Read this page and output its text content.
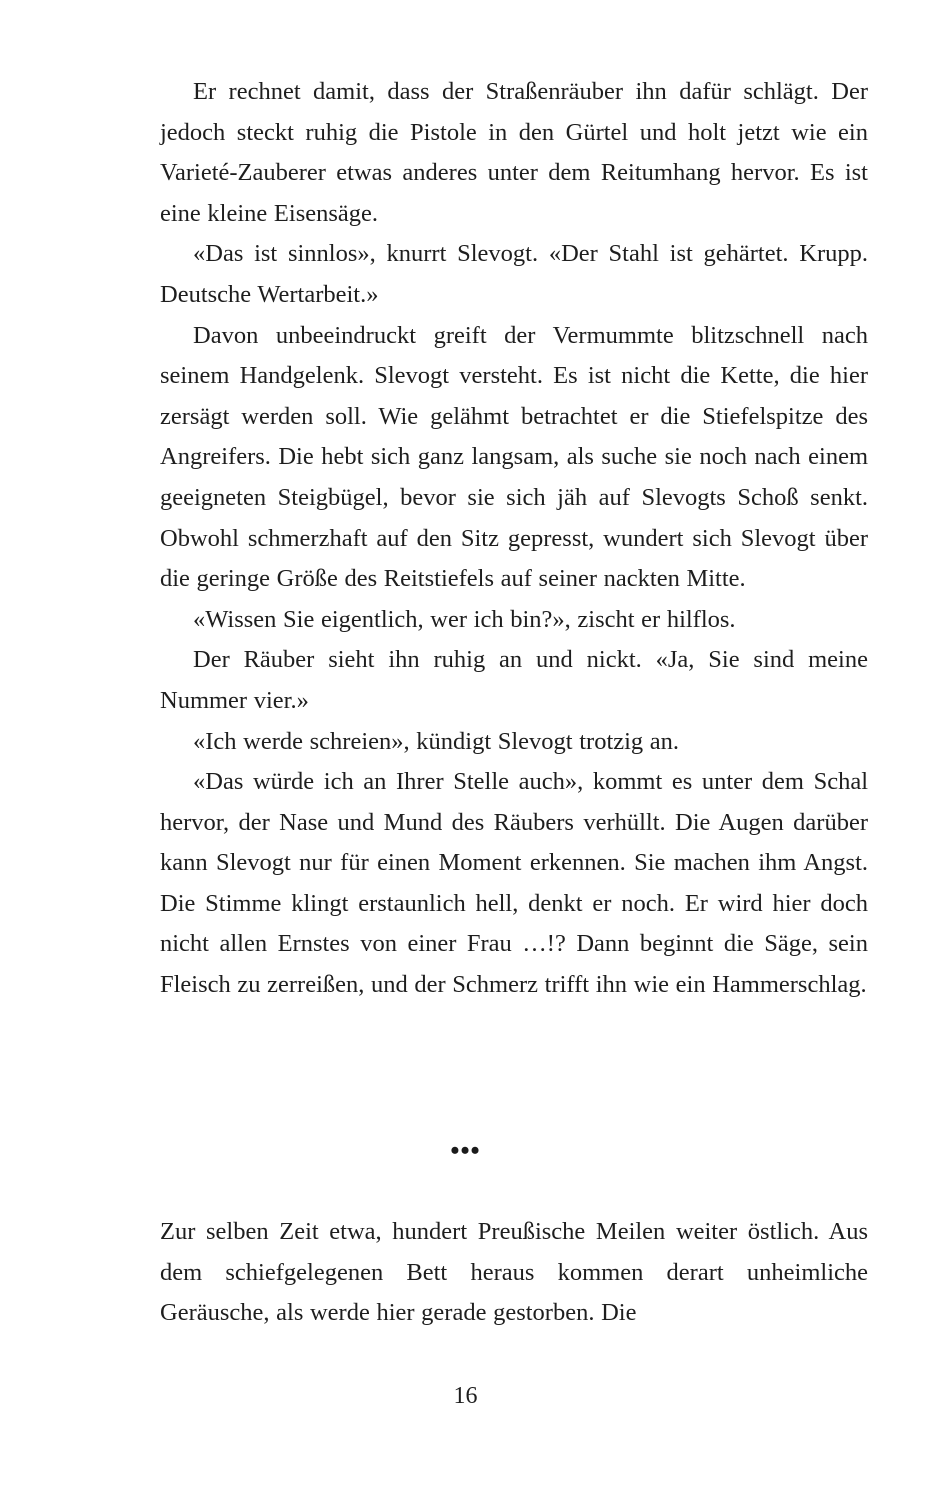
Er rechnet damit, dass der Straßenräuber ihn dafür schlägt. Der jedoch steckt ruhig die Pistole in den Gürtel und holt jetzt wie ein Varieté-Zauberer etwas anderes unter dem Reitumhang hervor. Es ist eine kleine Eisensäge.

«Das ist sinnlos», knurrt Slevogt. «Der Stahl ist gehärtet. Krupp. Deutsche Wertarbeit.»

Davon unbeeindruckt greift der Vermummte blitzschnell nach seinem Handgelenk. Slevogt versteht. Es ist nicht die Kette, die hier zersägt werden soll. Wie gelähmt betrachtet er die Stiefelspitze des Angreifers. Die hebt sich ganz langsam, als suche sie noch nach einem geeigneten Steigbügel, bevor sie sich jäh auf Slevogts Schoß senkt. Obwohl schmerzhaft auf den Sitz gepresst, wundert sich Slevogt über die geringe Größe des Reitstiefels auf seiner nackten Mitte.

«Wissen Sie eigentlich, wer ich bin?», zischt er hilflos.

Der Räuber sieht ihn ruhig an und nickt. «Ja, Sie sind meine Nummer vier.»

«Ich werde schreien», kündigt Slevogt trotzig an.

«Das würde ich an Ihrer Stelle auch», kommt es unter dem Schal hervor, der Nase und Mund des Räubers verhüllt. Die Augen darüber kann Slevogt nur für einen Moment erkennen. Sie machen ihm Angst. Die Stimme klingt erstaunlich hell, denkt er noch. Er wird hier doch nicht allen Ernstes von einer Frau …!? Dann beginnt die Säge, sein Fleisch zu zerreißen, und der Schmerz trifft ihn wie ein Hammerschlag.

•••

Zur selben Zeit etwa, hundert Preußische Meilen weiter östlich. Aus dem schiefgelegenen Bett heraus kommen derart unheimliche Geräusche, als werde hier gerade gestorben. Die

16
